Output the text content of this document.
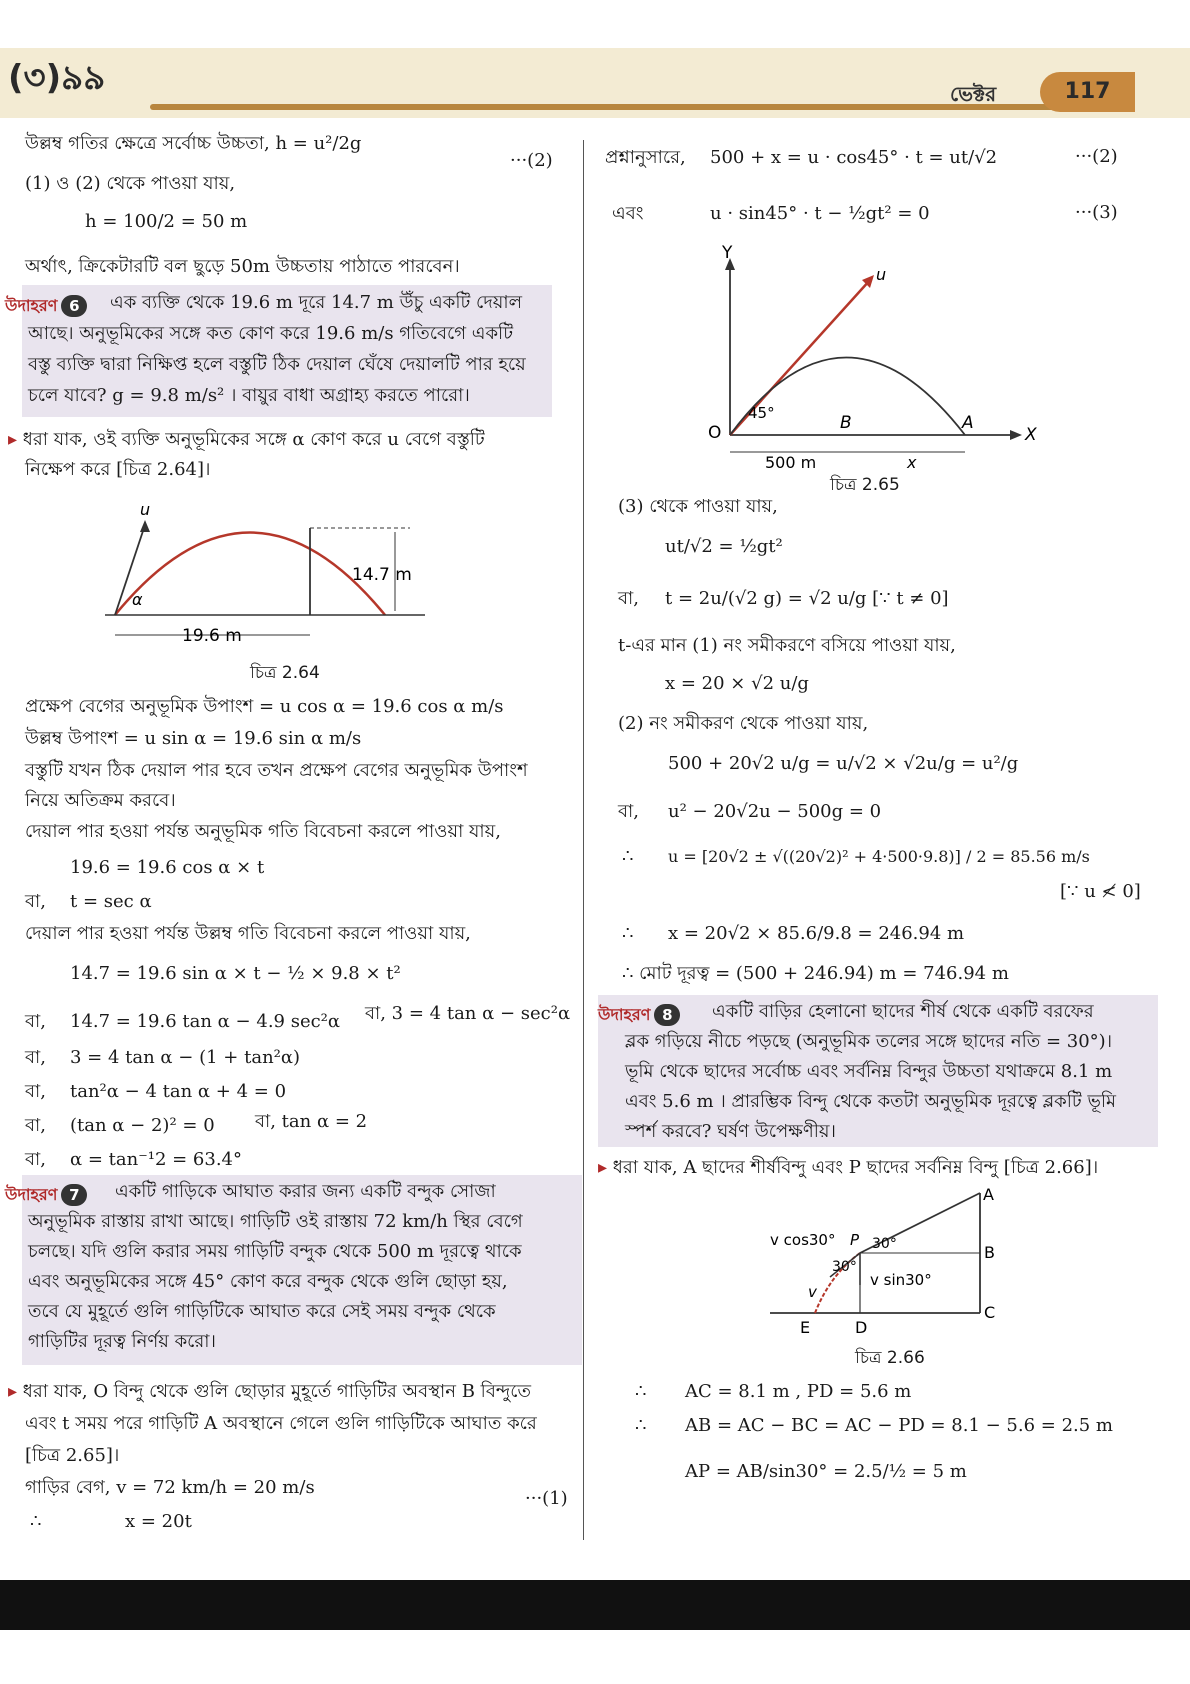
(৩)৯৯	ভেক্টর	117
উল্লম্ব গতির ক্ষেত্রে সর্বোচ্চ উচ্চতা, h = u²/2g
···(2)
(1) ও (2) থেকে পাওয়া যায়,
h = 100/2 = 50 m
অর্থাৎ, ক্রিকেটারটি বল ছুড়ে 50m উচ্চতায় পাঠাতে পারবেন।
উদাহরণ 6	এক ব্যক্তি থেকে 19.6 m দূরে 14.7 m উঁচু একটি দেয়াল
আছে। অনুভূমিকের সঙ্গে কত কোণ করে 19.6 m/s গতিবেগে একটি
বস্তু ব্যক্তি দ্বারা নিক্ষিপ্ত হলে বস্তুটি ঠিক দেয়াল ঘেঁষে দেয়ালটি পার হয়ে
চলে যাবে? g = 9.8 m/s² । বায়ুর বাধা অগ্রাহ্য করতে পারো।
▸ ধরা যাক, ওই ব্যক্তি অনুভূমিকের সঙ্গে α কোণ করে u বেগে বস্তুটি
নিক্ষেপ করে [চিত্র 2.64]।
u
α
14.7 m
19.6 m
চিত্র 2.64
প্রক্ষেপ বেগের অনুভূমিক উপাংশ = u cos α = 19.6 cos α m/s
উল্লম্ব উপাংশ = u sin α = 19.6 sin α m/s
বস্তুটি যখন ঠিক দেয়াল পার হবে তখন প্রক্ষেপ বেগের অনুভূমিক উপাংশ
নিয়ে অতিক্রম করবে।
দেয়াল পার হওয়া পর্যন্ত অনুভূমিক গতি বিবেচনা করলে পাওয়া যায়,
19.6 = 19.6 cos α × t
বা, t = sec α
দেয়াল পার হওয়া পর্যন্ত উল্লম্ব গতি বিবেচনা করলে পাওয়া যায়,
14.7 = 19.6 sin α × t − ½ × 9.8 × t²
বা, 14.7 = 19.6 tan α − 4.9 sec²α বা, 3 = 4 tan α − sec²α
বা, 3 = 4 tan α − (1 + tan²α)
বা, tan²α − 4 tan α + 4 = 0
বা, (tan α − 2)² = 0 বা, tan α = 2
বা, α = tan⁻¹2 = 63.4°
উদাহরণ 7	একটি গাড়িকে আঘাত করার জন্য একটি বন্দুক সোজা
অনুভূমিক রাস্তায় রাখা আছে। গাড়িটি ওই রাস্তায় 72 km/h স্থির বেগে
চলছে। যদি গুলি করার সময় গাড়িটি বন্দুক থেকে 500 m দূরত্বে থাকে
এবং অনুভূমিকের সঙ্গে 45° কোণ করে বন্দুক থেকে গুলি ছোড়া হয়,
তবে যে মুহূর্তে গুলি গাড়িটিকে আঘাত করে সেই সময় বন্দুক থেকে
গাড়িটির দূরত্ব নির্ণয় করো।
▸ ধরা যাক, O বিন্দু থেকে গুলি ছোড়ার মুহূর্তে গাড়িটির অবস্থান B বিন্দুতে
এবং t সময় পরে গাড়িটি A অবস্থানে গেলে গুলি গাড়িটিকে আঘাত করে
[চিত্র 2.65]।
গাড়ির বেগ, v = 72 km/h = 20 m/s
···(1)
∴	x = 20t
প্রশ্নানুসারে, 500 + x = u · cos45° · t = ut/√2	···(2)
এবং	u · sin45° · t − ½gt² = 0	···(3)
Y
u
45°
O	B	A
X
500 m	x
চিত্র 2.65
(3) থেকে পাওয়া যায়,
ut/√2 = ½gt²
বা, t = 2u/(√2 g) = √2 u/g [∵ t ≠ 0]
t-এর মান (1) নং সমীকরণে বসিয়ে পাওয়া যায়,
x = 20 × √2 u/g
(2) নং সমীকরণ থেকে পাওয়া যায়,
500 + 20√2 u/g = u/√2 × √2u/g = u²/g
বা, u² − 20√2u − 500g = 0
∴ u = [20√2 ± √((20√2)² + 4·500·9.8)] / 2 = 85.56 m/s
[∵ u ≮ 0]
∴ x = 20√2 × 85.6/9.8 = 246.94 m
∴ মোট দূরত্ব = (500 + 246.94) m = 746.94 m
উদাহরণ 8	একটি বাড়ির হেলানো ছাদের শীর্ষ থেকে একটি বরফের
ব্লক গড়িয়ে নীচে পড়ছে (অনুভূমিক তলের সঙ্গে ছাদের নতি = 30°)।
ভূমি থেকে ছাদের সর্বোচ্চ এবং সর্বনিম্ন বিন্দুর উচ্চতা যথাক্রমে 8.1 m
এবং 5.6 m । প্রারম্ভিক বিন্দু থেকে কতটা অনুভূমিক দূরত্বে ব্লকটি ভূমি
স্পর্শ করবে? ঘর্ষণ উপেক্ষণীয়।
▸ ধরা যাক, A ছাদের শীর্ষবিন্দু এবং P ছাদের সর্বনিম্ন বিন্দু [চিত্র 2.66]।
A
v cos30° P 30°
30°
B
v
v sin30°
C
E	D
চিত্র 2.66
∴ AC = 8.1 m , PD = 5.6 m
∴ AB = AC − BC = AC − PD = 8.1 − 5.6 = 2.5 m
AP = AB/sin30° = 2.5/½ = 5 m
